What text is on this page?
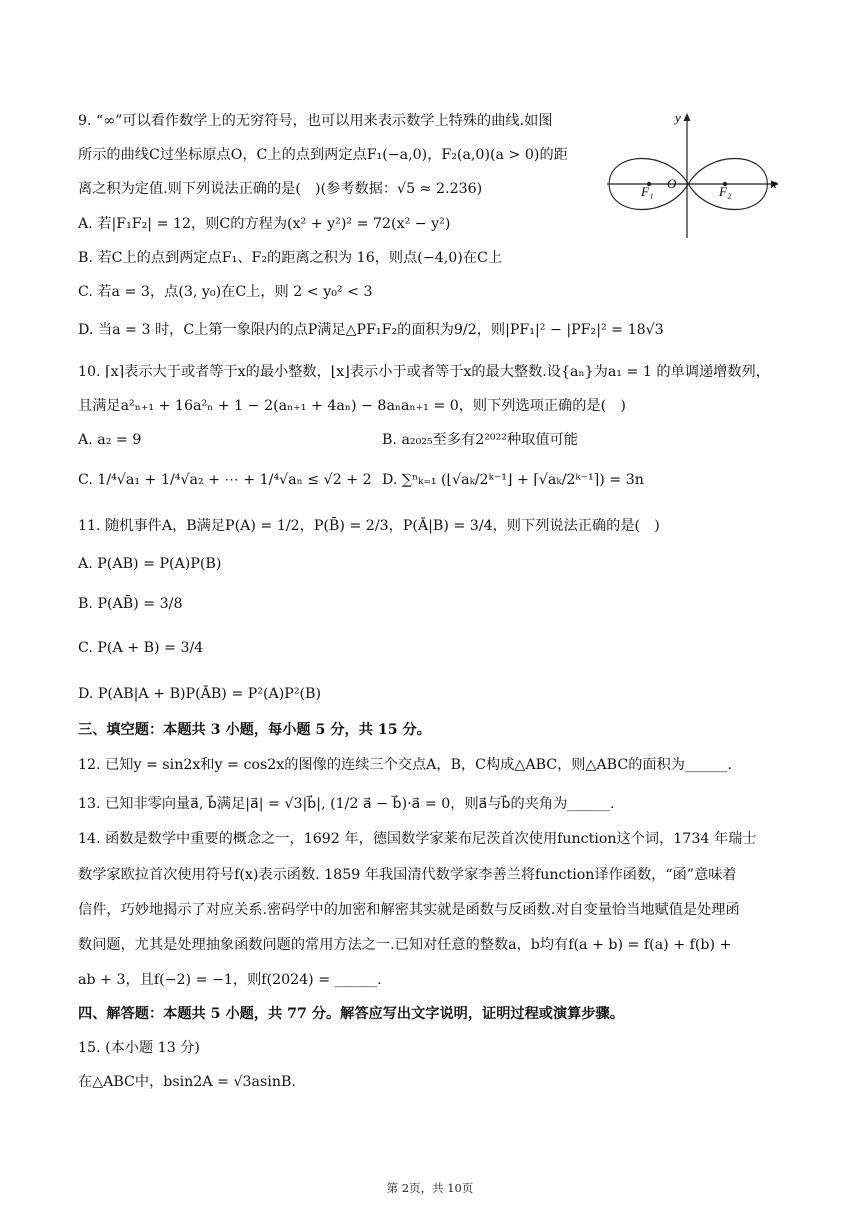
9. “∞”可以看作数学上的无穷符号，也可以用来表示数学上特殊的曲线.如图
所示的曲线C过坐标原点O，C上的点到两定点F₁(−a,0)，F₂(a,0)(a > 0)的距
离之积为定值.则下列说法正确的是(　)(参考数据：√5 ≈ 2.236)
A. 若|F₁F₂| = 12，则C的方程为(x² + y²)² = 72(x² − y²)
B. 若C上的点到两定点F₁、F₂的距离之积为 16，则点(−4,0)在C上
C. 若a = 3，点(3, y₀)在C上，则 2 < y₀² < 3
D. 当a = 3 时，C上第一象限内的点P满足△PF₁F₂的面积为9/2，则|PF₁|² − |PF₂|² = 18√3
y
x
O
F₁	F₂
10. ⌈x⌉表示大于或者等于x的最小整数，⌊x⌋表示小于或者等于x的最大整数.设{aₙ}为a₁ = 1 的单调递增数列，
且满足a²ₙ₊₁ + 16a²ₙ + 1 − 2(aₙ₊₁ + 4aₙ) − 8aₙaₙ₊₁ = 0，则下列选项正确的是(　)
A. a₂ = 9	B. a₂₀₂₅至多有2²⁰²²种取值可能
C. 1/⁴√a₁ + 1/⁴√a₂ + ⋯ + 1/⁴√aₙ ≤ √2 + 2 D. ∑ⁿₖ₌₁ (⌊√aₖ/2ᵏ⁻¹⌋ + ⌈√aₖ/2ᵏ⁻¹⌉) = 3n
11. 随机事件A，B满足P(A) = 1/2，P(B̄) = 2/3，P(Ā|B) = 3/4，则下列说法正确的是(　)
A. P(AB) = P(A)P(B)
B. P(AB̄) = 3/8
C. P(A + B) = 3/4
D. P(AB|A + B)P(ĀB) = P²(A)P²(B)
三、填空题：本题共 3 小题，每小题 5 分，共 15 分。
12. 已知y = sin2x和y = cos2x的图像的连续三个交点A，B，C构成△ABC，则△ABC的面积为______.
13. 已知非零向量a⃗, b⃗满足|a⃗| = √3|b⃗|, (1/2 a⃗ − b⃗)·a⃗ = 0，则a⃗与b⃗的夹角为______.
14. 函数是数学中重要的概念之一，1692 年，德国数学家莱布尼茨首次使用function这个词，1734 年瑞士
数学家欧拉首次使用符号f(x)表示函数. 1859 年我国清代数学家李善兰将function译作函数，“函”意味着
信件，巧妙地揭示了对应关系.密码学中的加密和解密其实就是函数与反函数.对自变量恰当地赋值是处理函
数问题，尤其是处理抽象函数问题的常用方法之一.已知对任意的整数a，b均有f(a + b) = f(a) + f(b) +
ab + 3，且f(−2) = −1，则f(2024) = ______.
四、解答题：本题共 5 小题，共 77 分。解答应写出文字说明，证明过程或演算步骤。
15. (本小题 13 分)
在△ABC中，bsin2A = √3asinB.
第 2页，共 10页
